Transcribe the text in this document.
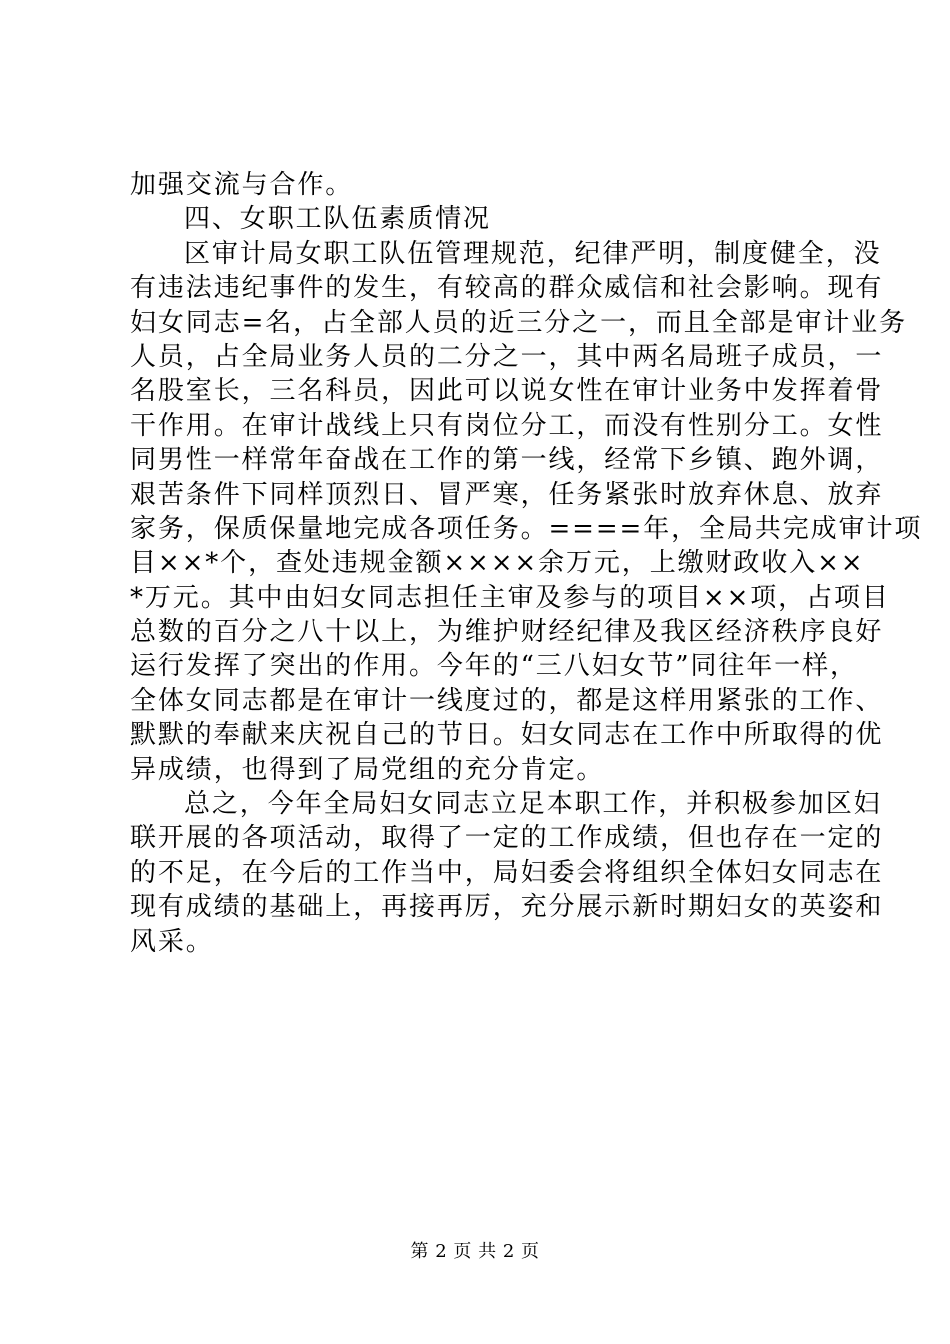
加强交流与合作。
四、女职工队伍素质情况
区审计局女职工队伍管理规范，纪律严明，制度健全，没
有违法违纪事件的发生，有较高的群众威信和社会影响。现有
妇女同志=名，占全部人员的近三分之一，而且全部是审计业务
人员，占全局业务人员的二分之一，其中两名局班子成员，一
名股室长，三名科员，因此可以说女性在审计业务中发挥着骨
干作用。在审计战线上只有岗位分工，而没有性别分工。女性
同男性一样常年奋战在工作的第一线，经常下乡镇、跑外调，
艰苦条件下同样顶烈日、冒严寒，任务紧张时放弃休息、放弃
家务，保质保量地完成各项任务。====年，全局共完成审计项
目××*个，查处违规金额××××余万元，上缴财政收入××
*万元。其中由妇女同志担任主审及参与的项目××项，占项目
总数的百分之八十以上，为维护财经纪律及我区经济秩序良好
运行发挥了突出的作用。今年的“三八妇女节”同往年一样，
全体女同志都是在审计一线度过的，都是这样用紧张的工作、
默默的奉献来庆祝自己的节日。妇女同志在工作中所取得的优
异成绩，也得到了局党组的充分肯定。
总之，今年全局妇女同志立足本职工作，并积极参加区妇
联开展的各项活动，取得了一定的工作成绩，但也存在一定的
的不足，在今后的工作当中，局妇委会将组织全体妇女同志在
现有成绩的基础上，再接再厉，充分展示新时期妇女的英姿和
风采。
第 2 页 共 2 页
